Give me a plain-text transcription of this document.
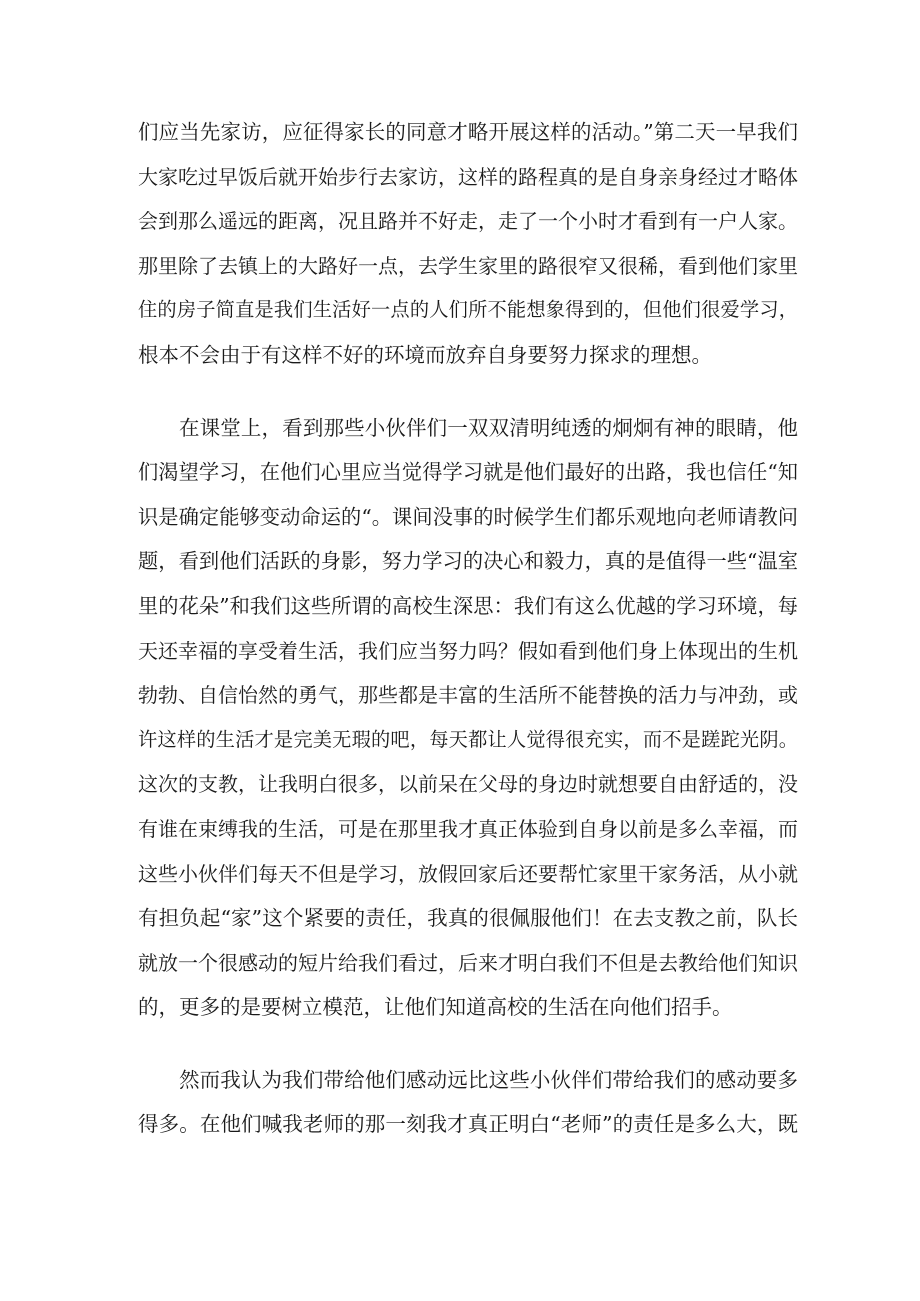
们应当先家访，应征得家长的同意才略开展这样的活动。”第二天一早我们
大家吃过早饭后就开始步行去家访，这样的路程真的是自身亲身经过才略体
会到那么遥远的距离，况且路并不好走，走了一个小时才看到有一户人家。
那里除了去镇上的大路好一点，去学生家里的路很窄又很稀，看到他们家里
住的房子简直是我们生活好一点的人们所不能想象得到的，但他们很爱学习，
根本不会由于有这样不好的环境而放弃自身要努力探求的理想。
在课堂上，看到那些小伙伴们一双双清明纯透的炯炯有神的眼睛，他
们渴望学习，在他们心里应当觉得学习就是他们最好的出路，我也信任“知
识是确定能够变动命运的“。课间没事的时候学生们都乐观地向老师请教问
题，看到他们活跃的身影，努力学习的决心和毅力，真的是值得一些“温室
里的花朵”和我们这些所谓的高校生深思：我们有这么优越的学习环境，每
天还幸福的享受着生活，我们应当努力吗？假如看到他们身上体现出的生机
勃勃、自信怡然的勇气，那些都是丰富的生活所不能替换的活力与冲劲，或
许这样的生活才是完美无瑕的吧，每天都让人觉得很充实，而不是蹉跎光阴。
这次的支教，让我明白很多，以前呆在父母的身边时就想要自由舒适的，没
有谁在束缚我的生活，可是在那里我才真正体验到自身以前是多么幸福，而
这些小伙伴们每天不但是学习，放假回家后还要帮忙家里干家务活，从小就
有担负起“家”这个紧要的责任，我真的很佩服他们！在去支教之前，队长
就放一个很感动的短片给我们看过，后来才明白我们不但是去教给他们知识
的，更多的是要树立模范，让他们知道高校的生活在向他们招手。
然而我认为我们带给他们感动远比这些小伙伴们带给我们的感动要多
得多。在他们喊我老师的那一刻我才真正明白“老师”的责任是多么大，既
